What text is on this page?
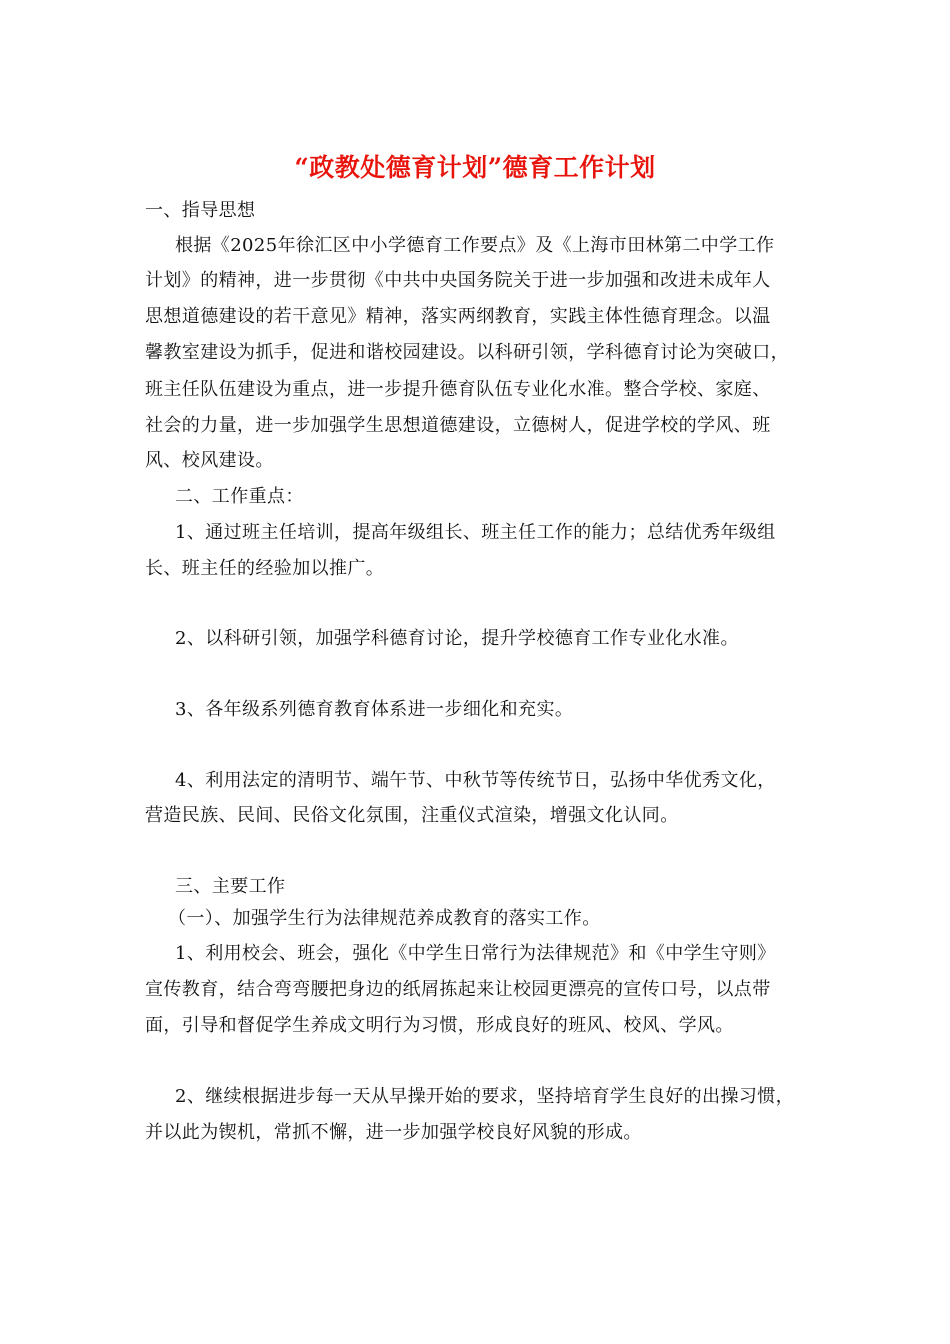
“政教处德育计划”德育工作计划
一、指导思想
根据《2025年徐汇区中小学德育工作要点》及《上海市田林第二中学工作
计划》的精神，进一步贯彻《中共中央国务院关于进一步加强和改进未成年人
思想道德建设的若干意见》精神，落实两纲教育，实践主体性德育理念。以温
馨教室建设为抓手，促进和谐校园建设。以科研引领，学科德育讨论为突破口，
班主任队伍建设为重点，进一步提升德育队伍专业化水准。整合学校、家庭、
社会的力量，进一步加强学生思想道德建设，立德树人，促进学校的学风、班
风、校风建设。
二、工作重点：
1、通过班主任培训，提高年级组长、班主任工作的能力；总结优秀年级组
长、班主任的经验加以推广。
2、以科研引领，加强学科德育讨论，提升学校德育工作专业化水准。
3、各年级系列德育教育体系进一步细化和充实。
4、利用法定的清明节、端午节、中秋节等传统节日，弘扬中华优秀文化，
营造民族、民间、民俗文化氛围，注重仪式渲染，增强文化认同。
三、主要工作
（一）、加强学生行为法律规范养成教育的落实工作。
1、利用校会、班会，强化《中学生日常行为法律规范》和《中学生守则》
宣传教育，结合弯弯腰把身边的纸屑拣起来让校园更漂亮的宣传口号，以点带
面，引导和督促学生养成文明行为习惯，形成良好的班风、校风、学风。
2、继续根据进步每一天从早操开始的要求，坚持培育学生良好的出操习惯，
并以此为锲机，常抓不懈，进一步加强学校良好风貌的形成。
